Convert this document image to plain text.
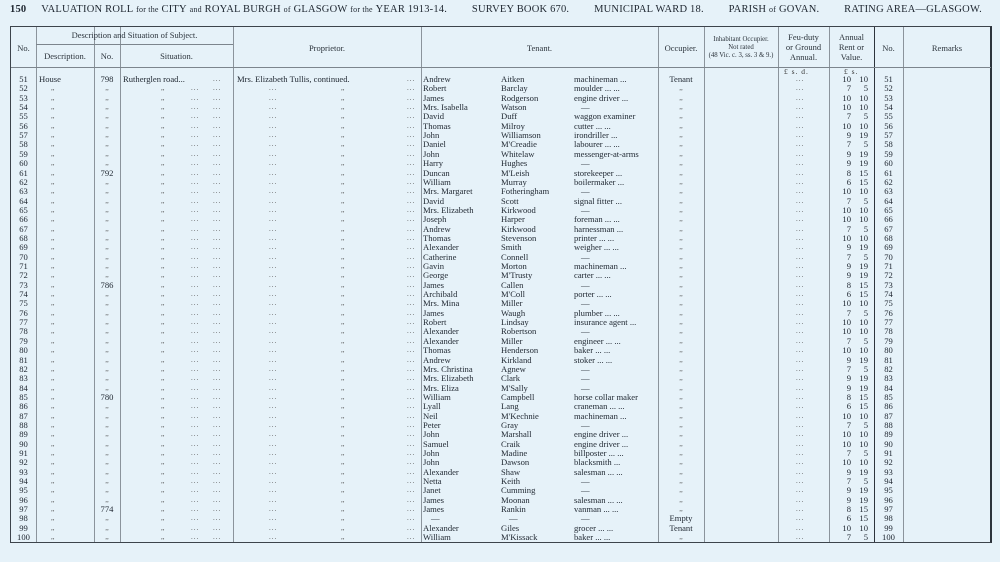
150 VALUATION ROLL for the CITY and ROYAL BURGH of GLASGOW for the YEAR 1913-14. SURVEY BOOK 670. MUNICIPAL WARD 18. PARISH of GOVAN. RATING AREA—GLASGOW.
No.
Description and Situation of Subject.
Description.	No.	Situation.
Proprietor.	Tenant.	Occupier.
Inhabitant Occupier.
Not rated
(48 Vic. c. 3, ss. 3 & 9.)
Feu-duty
or Ground
Annual.
Annual
Rent or
Value.
No.	Remarks
£ s. d.	£ s.
51	House	798	Rutherglen road...	... Mrs. Elizabeth Tullis, continued.	... Andrew	Aitken	machineman ...	Tenant	...	10 10	51
52	,,	,,	,,	... ...	...	,,	... Robert	Barclay	moulder ... ...	,,	...	7	5	52
53	,,	,,	,,	... ...	...	,,	... James	Rodgerson	engine driver ...	,,	...	10 10	53
54	,,	,,	,,	... ...	...	,,	... Mrs. Isabella	Watson	—	,,	...	10 10	54
55	,,	,,	,,	... ...	...	,,	... David	Duff	waggon examiner	,,	...	7	5	55
56	,,	,,	,,	... ...	...	,,	... Thomas	Milroy	cutter ... ...	,,	...	10 10	56
57	,,	,,	,,	... ...	...	,,	... John	Williamson	irondriller ...	,,	...	9 19	57
58	,,	,,	,,	... ...	...	,,	... Daniel	M'Creadie	labourer ... ...	,,	...	7	5	58
59	,,	,,	,,	... ...	...	,,	... John	Whitelaw	messenger-at-arms	,,	...	9 19	59
60	,,	,,	,,	... ...	...	,,	... Harry	Hughes	—	,,	...	9 19	60
61	,,	792	,,	... ...	...	,,	... Duncan	M'Leish	storekeeper ...	,,	...	8 15	61
62	,,	,,	,,	... ...	...	,,	... William	Murray	boilermaker ...	,,	...	6 15	62
63	,,	,,	,,	... ...	...	,,	... Mrs. Margaret	Fotheringham	—	,,	...	10 10	63
64	,,	,,	,,	... ...	...	,,	... David	Scott	signal fitter ...	,,	...	7	5	64
65	,,	,,	,,	... ...	...	,,	... Mrs. Elizabeth	Kirkwood	—	,,	...	10 10	65
66	,,	,,	,,	... ...	...	,,	... Joseph	Harper	foreman ... ...	,,	...	10 10	66
67	,,	,,	,,	... ...	...	,,	... Andrew	Kirkwood	harnessman ...	,,	...	7	5	67
68	,,	,,	,,	... ...	...	,,	... Thomas	Stevenson	printer ... ...	,,	...	10 10	68
69	,,	,,	,,	... ...	...	,,	... Alexander	Smith	weigher ... ...	,,	...	9 19	69
70	,,	,,	,,	... ...	...	,,	... Catherine	Connell	—	,,	...	7	5	70
71	,,	,,	,,	... ...	...	,,	... Gavin	Morton	machineman ...	,,	...	9 19	71
72	,,	,,	,,	... ...	...	,,	... George	M'Trusty	carter ... ...	,,	...	9 19	72
73	,,	786	,,	... ...	...	,,	... James	Callen	—	,,	...	8 15	73
74	,,	,,	,,	... ...	...	,,	... Archibald	M'Coll	porter ... ...	,,	...	6 15	74
75	,,	,,	,,	... ...	...	,,	... Mrs. Mina	Miller	—	,,	...	10 10	75
76	,,	,,	,,	... ...	...	,,	... James	Waugh	plumber ... ...	,,	...	7	5	76
77	,,	,,	,,	... ...	...	,,	... Robert	Lindsay	insurance agent ...	,,	...	10 10	77
78	,,	,,	,,	... ...	...	,,	... Alexander	Robertson	—	,,	...	10 10	78
79	,,	,,	,,	... ...	...	,,	... Alexander	Miller	engineer ... ...	,,	...	7	5	79
80	,,	,,	,,	... ...	...	,,	... Thomas	Henderson	baker ... ...	,,	...	10 10	80
81	,,	,,	,,	... ...	...	,,	... Andrew	Kirkland	stoker ... ...	,,	...	9 19	81
82	,,	,,	,,	... ...	...	,,	... Mrs. Christina	Agnew	—	,,	...	7	5	82
83	,,	,,	,,	... ...	...	,,	... Mrs. Elizabeth	Clark	—	,,	...	9 19	83
84	,,	,,	,,	... ...	...	,,	... Mrs. Eliza	M'Sally	—	,,	...	9 19	84
85	,,	780	,,	... ...	...	,,	... William	Campbell	horse collar maker	,,	...	8 15	85
86	,,	,,	,,	... ...	...	,,	... Lyall	Lang	craneman ... ...	,,	...	6 15	86
87	,,	,,	,,	... ...	...	,,	... Neil	M'Kechnie	machineman ...	,,	...	10 10	87
88	,,	,,	,,	... ...	...	,,	... Peter	Gray	—	,,	...	7	5	88
89	,,	,,	,,	... ...	...	,,	... John	Marshall	engine driver ...	,,	...	10 10	89
90	,,	,,	,,	... ...	...	,,	... Samuel	Craik	engine driver ...	,,	...	10 10	90
91	,,	,,	,,	... ...	...	,,	... John	Madine	billposter ... ...	,,	...	7	5	91
92	,,	,,	,,	... ...	...	,,	... John	Dawson	blacksmith ...	,,	...	10 10	92
93	,,	,,	,,	... ...	...	,,	... Alexander	Shaw	salesman ... ...	,,	...	9 19	93
94	,,	,,	,,	... ...	...	,,	... Netta	Keith	—	,,	...	7	5	94
95	,,	,,	,,	... ...	...	,,	... Janet	Cumming	—	,,	...	9 19	95
96	,,	,,	,,	... ...	...	,,	... James	Moonan	salesman ... ...	,,	...	9 19	96
97	,,	774	,,	... ...	...	,,	... James	Rankin	vanman ... ...	,,	...	8 15	97
98	,,	,,	,,	... ...	...	,,	... —	—	—	Empty	...	6 15	98
99	,,	,,	,,	... ...	...	,,	... Alexander	Giles	grocer ... ...	Tenant	...	10 10	99
100	,,	,,	,,	... ...	...	,,	... William	M'Kissack	baker ... ...	,,	...	7	5	100
